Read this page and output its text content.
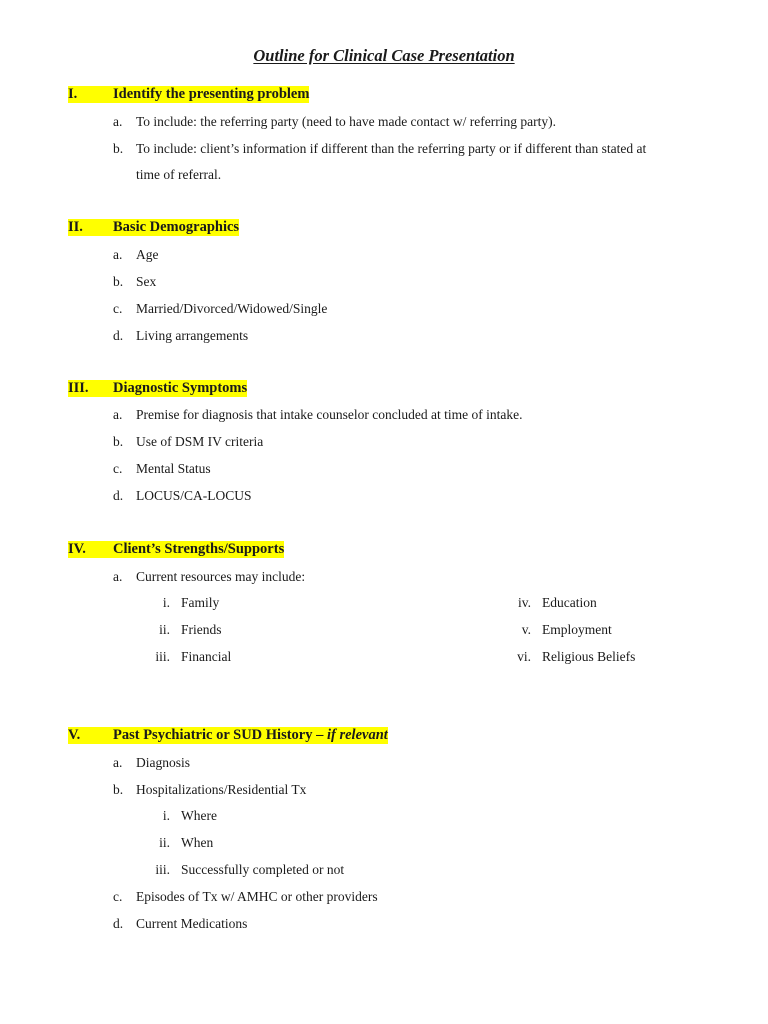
Outline for Clinical Case Presentation
I.	Identify the presenting problem
a. To include: the referring party (need to have made contact w/ referring party).
b. To include: client’s information if different than the referring party or if different than stated at
time of referral.
II.	Basic Demographics
a. Age
b. Sex
c. Married/Divorced/Widowed/Single
d. Living arrangements
III.	Diagnostic Symptoms
a. Premise for diagnosis that intake counselor concluded at time of intake.
b. Use of DSM IV criteria
c. Mental Status
d. LOCUS/CA-LOCUS
IV.	Client’s Strengths/Supports
a. Current resources may include:
i. Family
ii. Friends
iii. Financial
iv. Education
v. Employment
vi. Religious Beliefs
V.	Past Psychiatric or SUD History – if relevant
a. Diagnosis
b. Hospitalizations/Residential Tx
i. Where
ii. When
iii. Successfully completed or not
c. Episodes of Tx w/ AMHC or other providers
d. Current Medications
